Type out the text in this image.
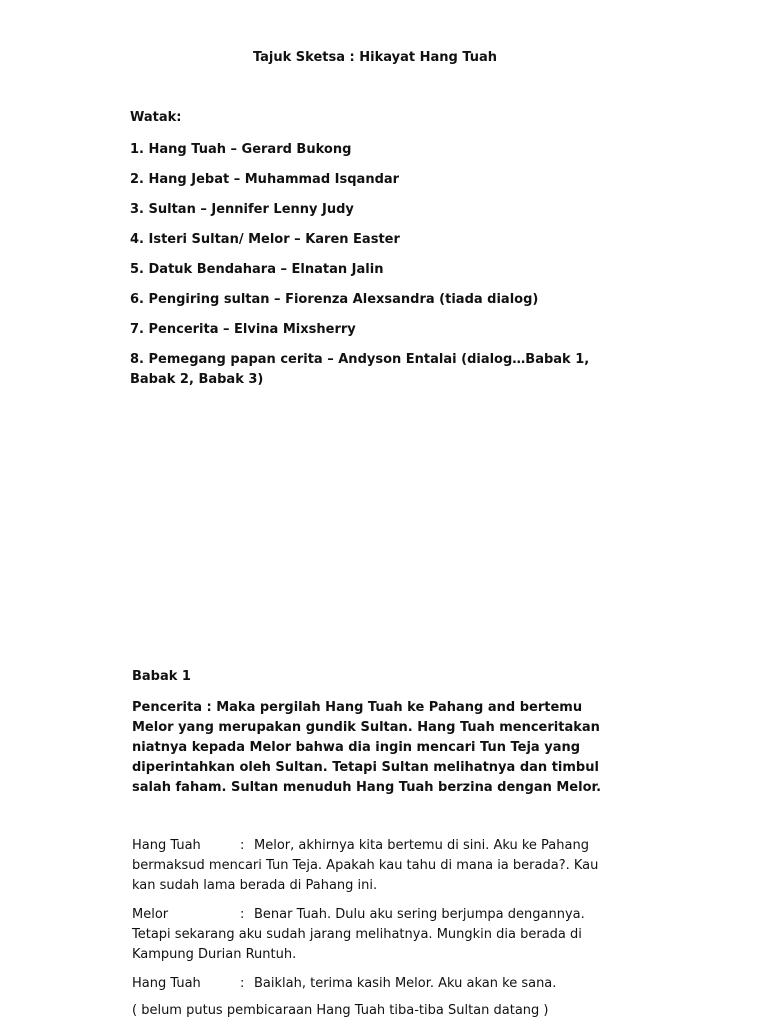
Tajuk Sketsa : Hikayat Hang Tuah
Watak:
1. Hang Tuah – Gerard Bukong
2. Hang Jebat – Muhammad Isqandar
3. Sultan – Jennifer Lenny Judy
4. Isteri Sultan/ Melor – Karen Easter
5. Datuk Bendahara – Elnatan Jalin
6. Pengiring sultan – Fiorenza Alexsandra (tiada dialog)
7. Pencerita – Elvina Mixsherry
8. Pemegang papan cerita – Andyson Entalai (dialog…Babak 1, Babak 2, Babak 3)
Babak 1
Pencerita : Maka pergilah Hang Tuah ke Pahang and bertemu Melor yang merupakan gundik Sultan. Hang Tuah menceritakan niatnya kepada Melor bahwa dia ingin mencari Tun Teja yang diperintahkan oleh Sultan. Tetapi Sultan melihatnya dan timbul salah faham. Sultan menuduh Hang Tuah berzina dengan Melor.
Hang Tuah	: Melor, akhirnya kita bertemu di sini. Aku ke Pahang bermaksud mencari Tun Teja. Apakah kau tahu di mana ia berada?. Kau kan sudah lama berada di Pahang ini.
Melor	: Benar Tuah. Dulu aku sering berjumpa dengannya. Tetapi sekarang aku sudah jarang melihatnya. Mungkin dia berada di Kampung Durian Runtuh.
Hang Tuah	: Baiklah, terima kasih Melor. Aku akan ke sana.
( belum putus pembicaraan Hang Tuah tiba-tiba Sultan datang )
